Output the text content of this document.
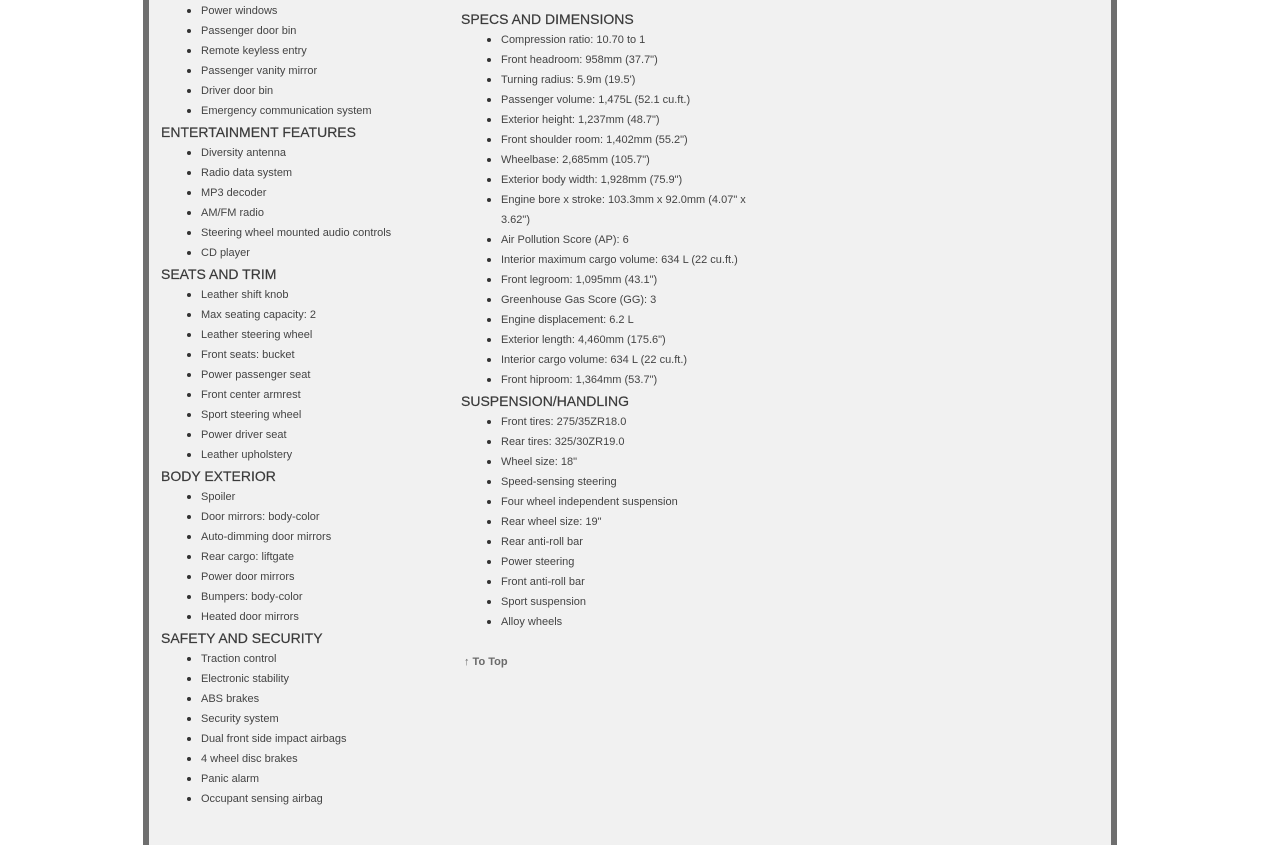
Power windows
Passenger door bin
Remote keyless entry
Passenger vanity mirror
Driver door bin
Emergency communication system
ENTERTAINMENT FEATURES
Diversity antenna
Radio data system
MP3 decoder
AM/FM radio
Steering wheel mounted audio controls
CD player
SEATS AND TRIM
Leather shift knob
Max seating capacity: 2
Leather steering wheel
Front seats: bucket
Power passenger seat
Front center armrest
Sport steering wheel
Power driver seat
Leather upholstery
BODY EXTERIOR
Spoiler
Door mirrors: body-color
Auto-dimming door mirrors
Rear cargo: liftgate
Power door mirrors
Bumpers: body-color
Heated door mirrors
SAFETY AND SECURITY
Traction control
Electronic stability
ABS brakes
Security system
Dual front side impact airbags
4 wheel disc brakes
Panic alarm
Occupant sensing airbag
SPECS AND DIMENSIONS
Compression ratio: 10.70 to 1
Front headroom: 958mm (37.7")
Turning radius: 5.9m (19.5')
Passenger volume: 1,475L (52.1 cu.ft.)
Exterior height: 1,237mm (48.7")
Front shoulder room: 1,402mm (55.2")
Wheelbase: 2,685mm (105.7")
Exterior body width: 1,928mm (75.9")
Engine bore x stroke: 103.3mm x 92.0mm (4.07" x 3.62")
Air Pollution Score (AP): 6
Interior maximum cargo volume: 634 L (22 cu.ft.)
Front legroom: 1,095mm (43.1")
Greenhouse Gas Score (GG): 3
Engine displacement: 6.2 L
Exterior length: 4,460mm (175.6")
Interior cargo volume: 634 L (22 cu.ft.)
Front hiproom: 1,364mm (53.7")
SUSPENSION/HANDLING
Front tires: 275/35ZR18.0
Rear tires: 325/30ZR19.0
Wheel size: 18"
Speed-sensing steering
Four wheel independent suspension
Rear wheel size: 19"
Rear anti-roll bar
Power steering
Front anti-roll bar
Sport suspension
Alloy wheels
↑ To Top
